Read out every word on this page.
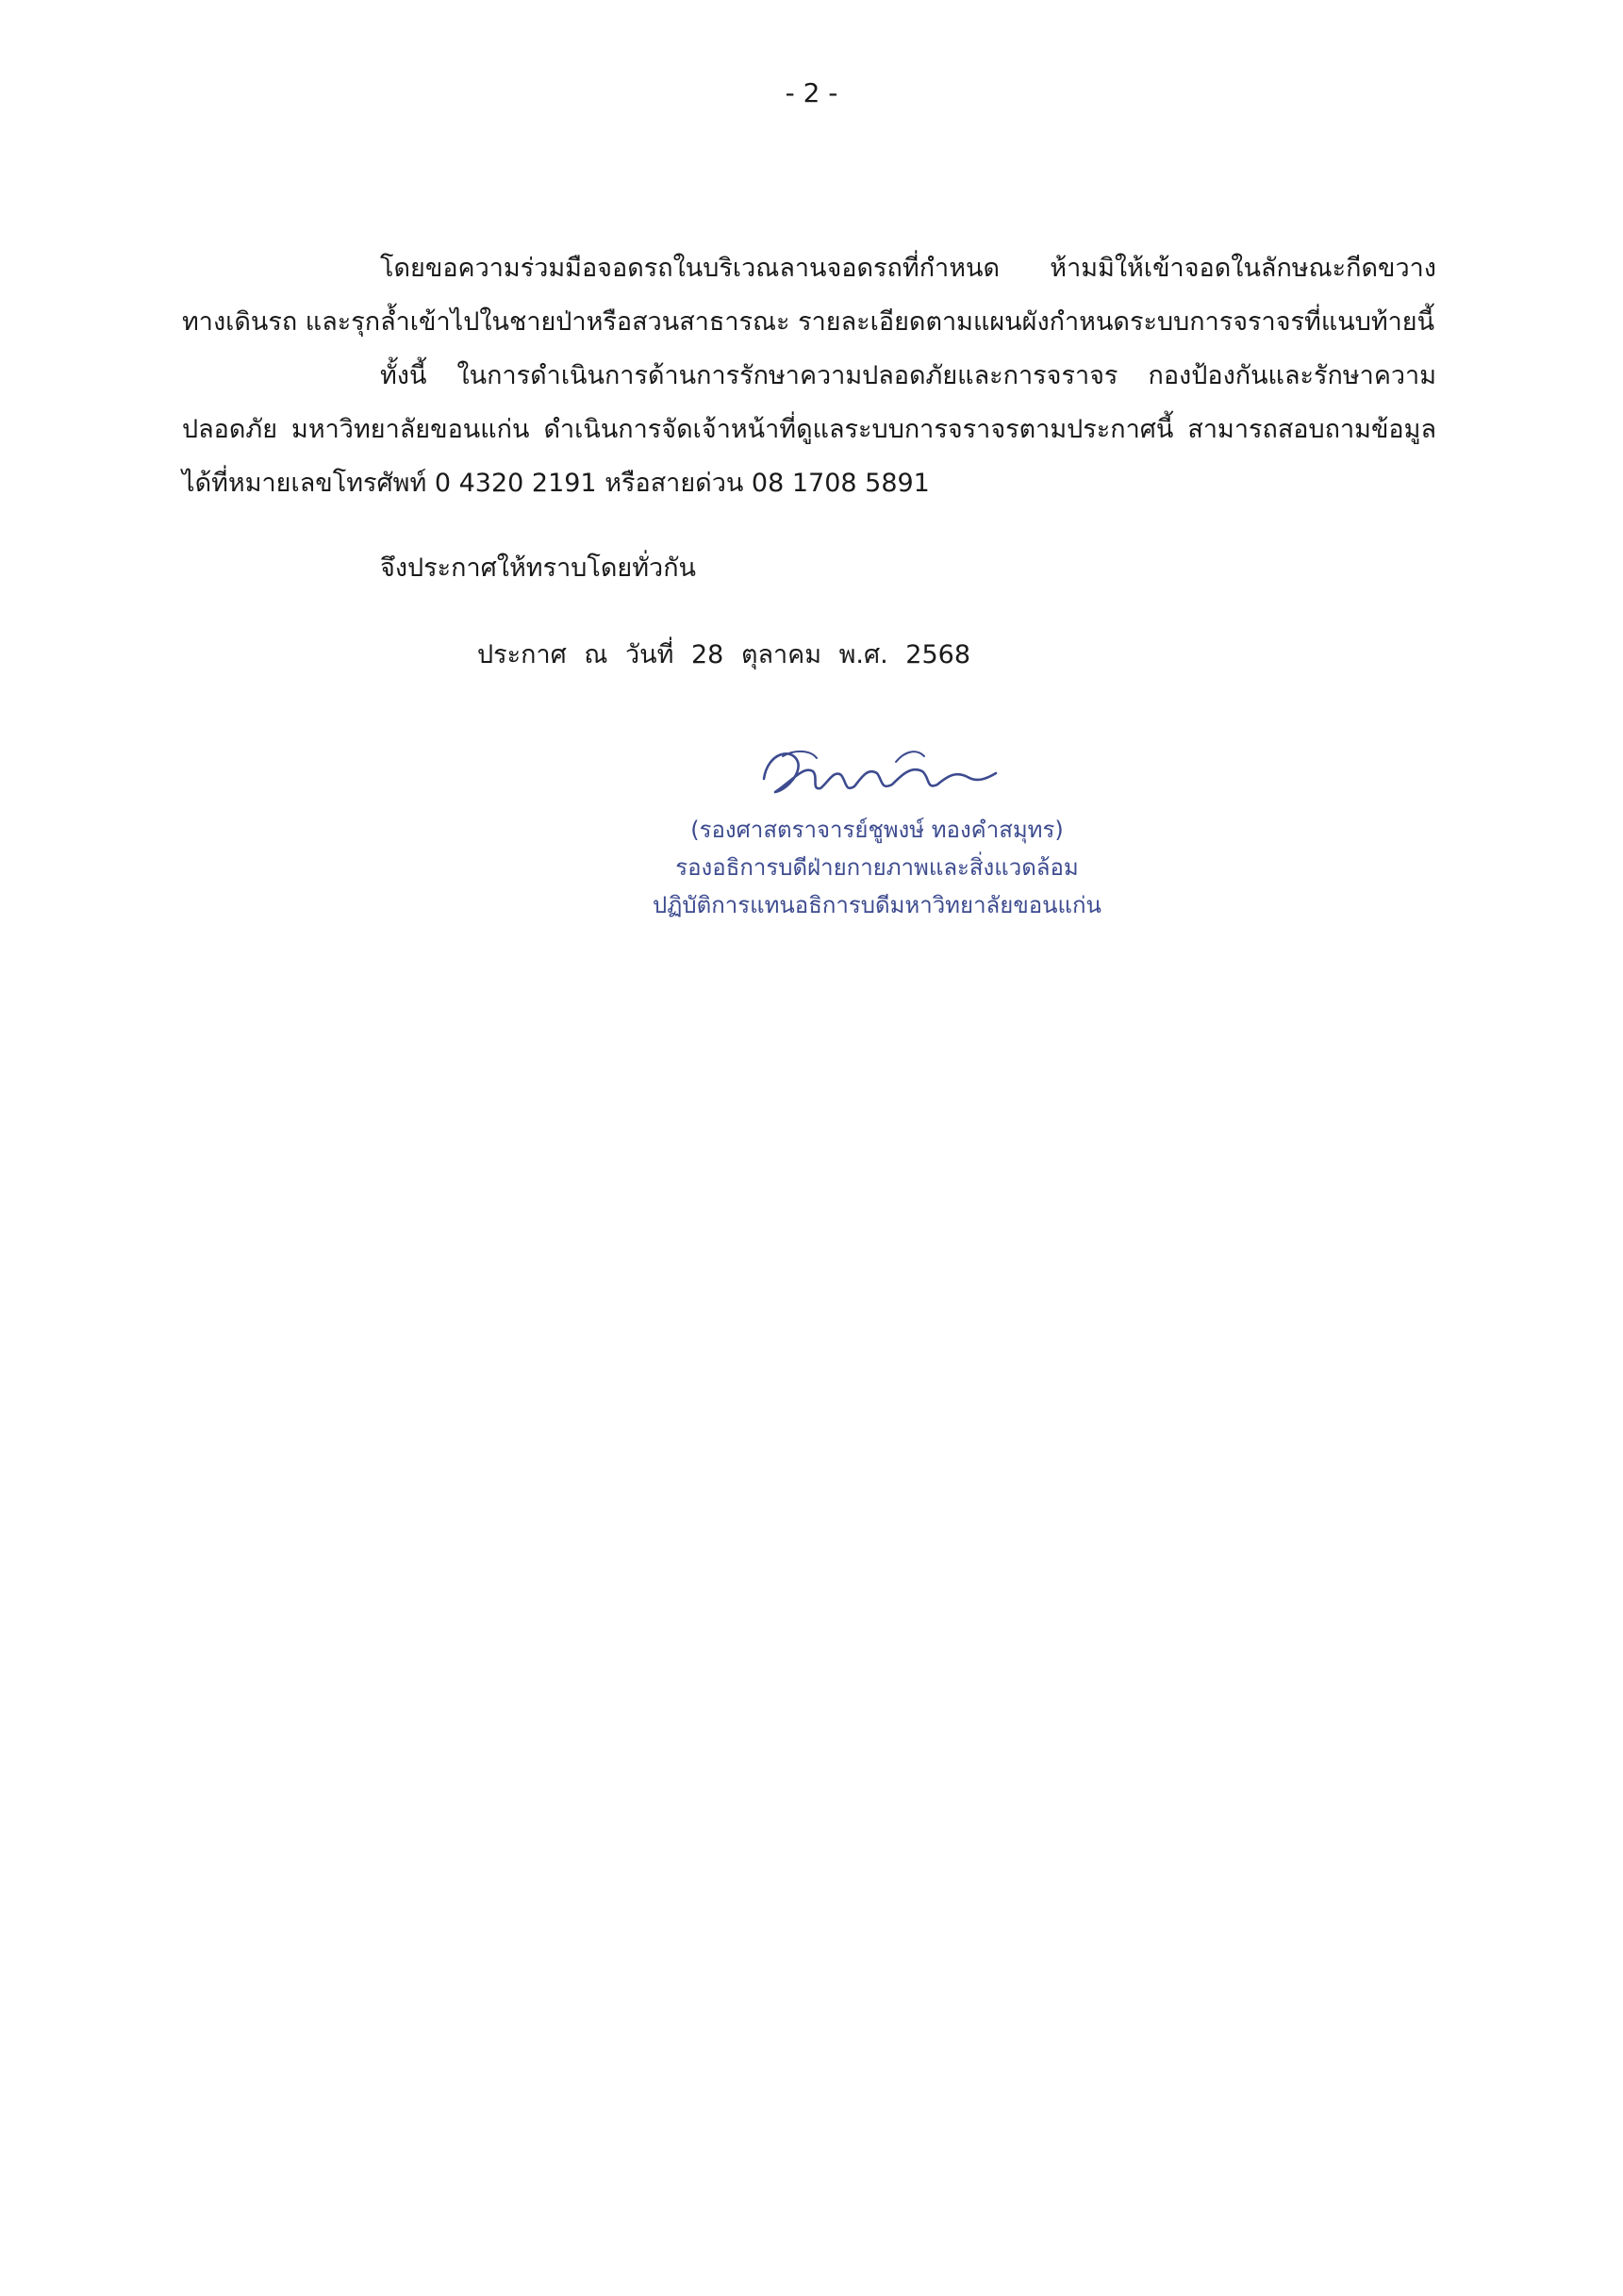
- 2 -

โดยขอความร่วมมือจอดรถในบริเวณลานจอดรถที่กำหนด ห้ามมิให้เข้าจอดในลักษณะกีดขวางทางเดินรถ และรุกล้ำเข้าไปในชายป่าหรือสวนสาธารณะ รายละเอียดตามแผนผังกำหนดระบบการจราจรที่แนบท้ายนี้

ทั้งนี้ ในการดำเนินการด้านการรักษาความปลอดภัยและการจราจร กองป้องกันและรักษาความปลอดภัย มหาวิทยาลัยขอนแก่น ดำเนินการจัดเจ้าหน้าที่ดูแลระบบการจราจรตามประกาศนี้ สามารถสอบถามข้อมูล ได้ที่หมายเลขโทรศัพท์ 0 4320 2191 หรือสายด่วน 08 1708 5891

จึงประกาศให้ทราบโดยทั่วกัน

ประกาศ ณ วันที่ 28 ตุลาคม พ.ศ. 2568

(รองศาสตราจารย์ชูพงษ์ ทองคำสมุทร)
รองอธิการบดีฝ่ายกายภาพและสิ่งแวดล้อม
ปฏิบัติการแทนอธิการบดีมหาวิทยาลัยขอนแก่น
